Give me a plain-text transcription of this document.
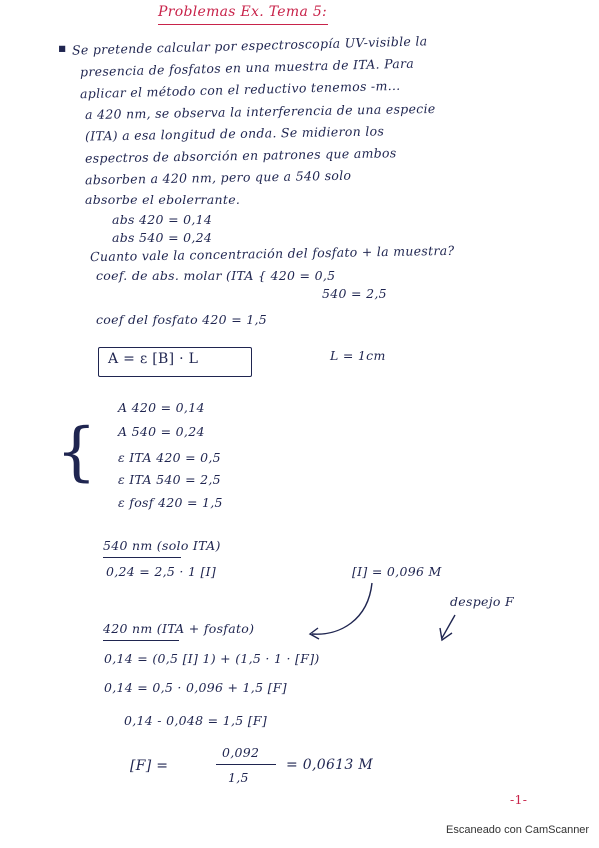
Problemas Ex. Tema 5:
▪ Se pretende calcular por espectroscopía UV-visible la
presencia de fosfatos en una muestra de ITA. Para
aplicar el método con el reductivo tenemos -m...
a 420 nm, se observa la interferencia de una especie
(ITA) a esa longitud de onda. Se midieron los
espectros de absorción en patrones que ambos
absorben a 420 nm, pero que a 540 solo
absorbe el ebolerrante.
abs 420 = 0,14
abs 540 = 0,24
Cuanto vale la concentración del fosfato + la muestra?
coef. de abs. molar (ITA { 420 = 0,5
540 = 2,5
coef del fosfato 420 = 1,5
A = ε [B] · L	L = 1cm
{
A 420 = 0,14
A 540 = 0,24
ε ITA 420 = 0,5
ε ITA 540 = 2,5
ε fosf 420 = 1,5
540 nm (solo ITA)
0,24 = 2,5 · 1 [I]	[I] = 0,096 M
despejo F
420 nm (ITA + fosfato)
0,14 = (0,5 [I] 1) + (1,5 · 1 · [F])
0,14 = 0,5 · 0,096 + 1,5 [F]
0,14 - 0,048 = 1,5 [F]
[F] =
0,092
1,5
= 0,0613 M
-1-
Escaneado con CamScanner
